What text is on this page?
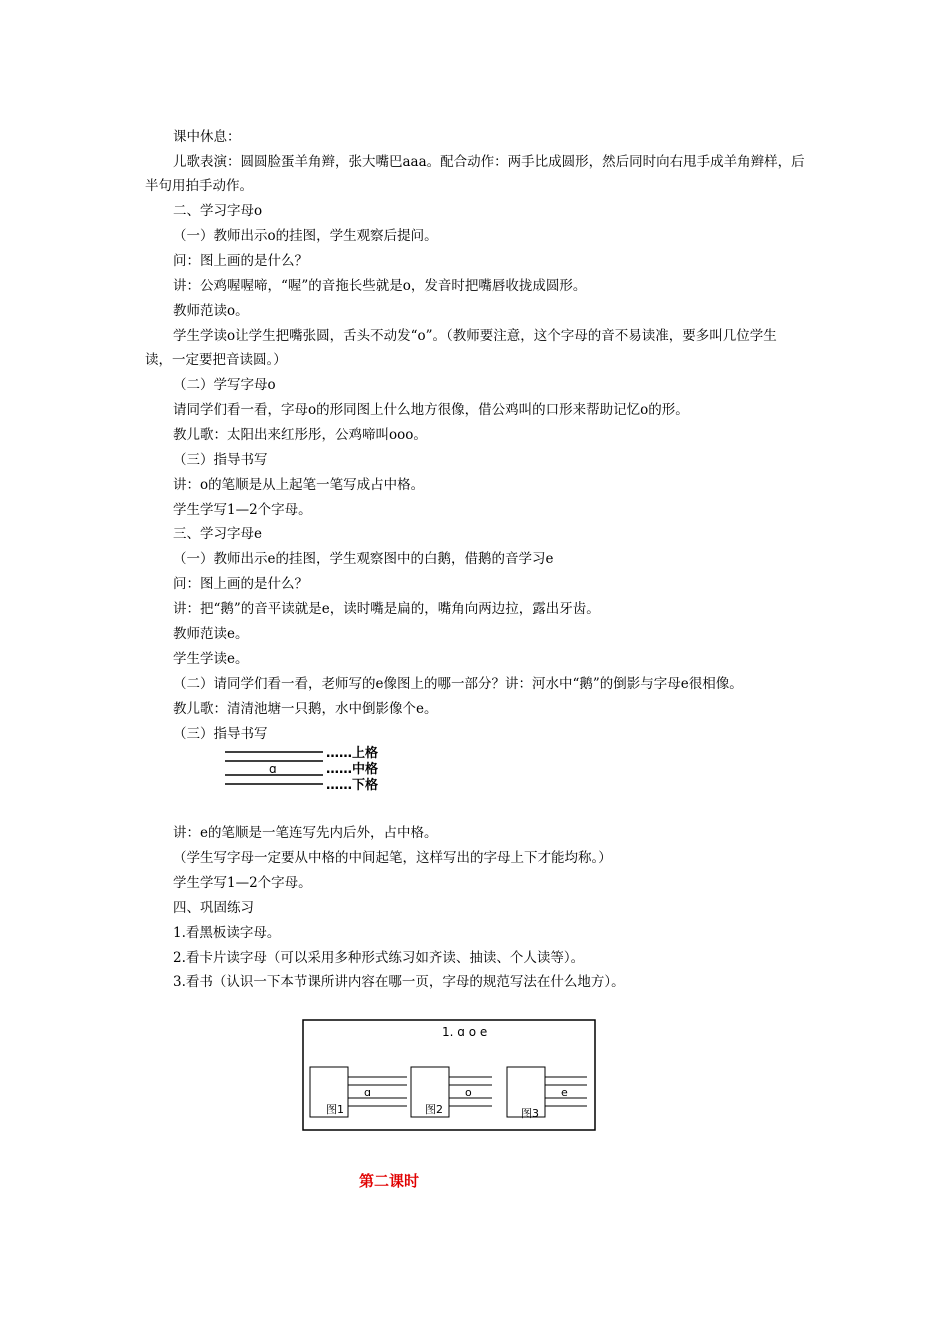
课中休息：
儿歌表演：圆圆脸蛋羊角辫，张大嘴巴aaa。配合动作：两手比成圆形，然后同时向右甩手成羊角辫样，后
半句用拍手动作。
二、学习字母o
（一）教师出示o的挂图，学生观察后提问。
问：图上画的是什么？
讲：公鸡喔喔啼，“喔”的音拖长些就是o，发音时把嘴唇收拢成圆形。
教师范读o。
学生学读o让学生把嘴张圆，舌头不动发“o”。（教师要注意，这个字母的音不易读准，要多叫几位学生
读，一定要把音读圆。）
（二）学写字母o
请同学们看一看，字母o的形同图上什么地方很像，借公鸡叫的口形来帮助记忆o的形。
教儿歌：太阳出来红彤彤，公鸡啼叫ooo。
（三）指导书写
讲：o的笔顺是从上起笔一笔写成占中格。
学生学写1—2个字母。
三、学习字母e
（一）教师出示e的挂图，学生观察图中的白鹅，借鹅的音学习e
问：图上画的是什么？
讲：把“鹅”的音平读就是e，读时嘴是扁的，嘴角向两边拉，露出牙齿。
教师范读e。
学生学读e。
（二）请同学们看一看，老师写的e像图上的哪一部分？讲：河水中“鹅”的倒影与字母e很相像。
教儿歌：清清池塘一只鹅，水中倒影像个e。
（三）指导书写
ɑ
……上格
……中格
……下格
讲：e的笔顺是一笔连写先内后外，占中格。
（学生写字母一定要从中格的中间起笔，这样写出的字母上下才能均称。）
学生学写1—2个字母。
四、巩固练习
1.看黑板读字母。
2.看卡片读字母（可以采用多种形式练习如齐读、抽读、个人读等）。
3.看书（认识一下本节课所讲内容在哪一页，字母的规范写法在什么地方）。
1. ɑ o e
ɑ
图1
o
图2
e
图3
第二课时
